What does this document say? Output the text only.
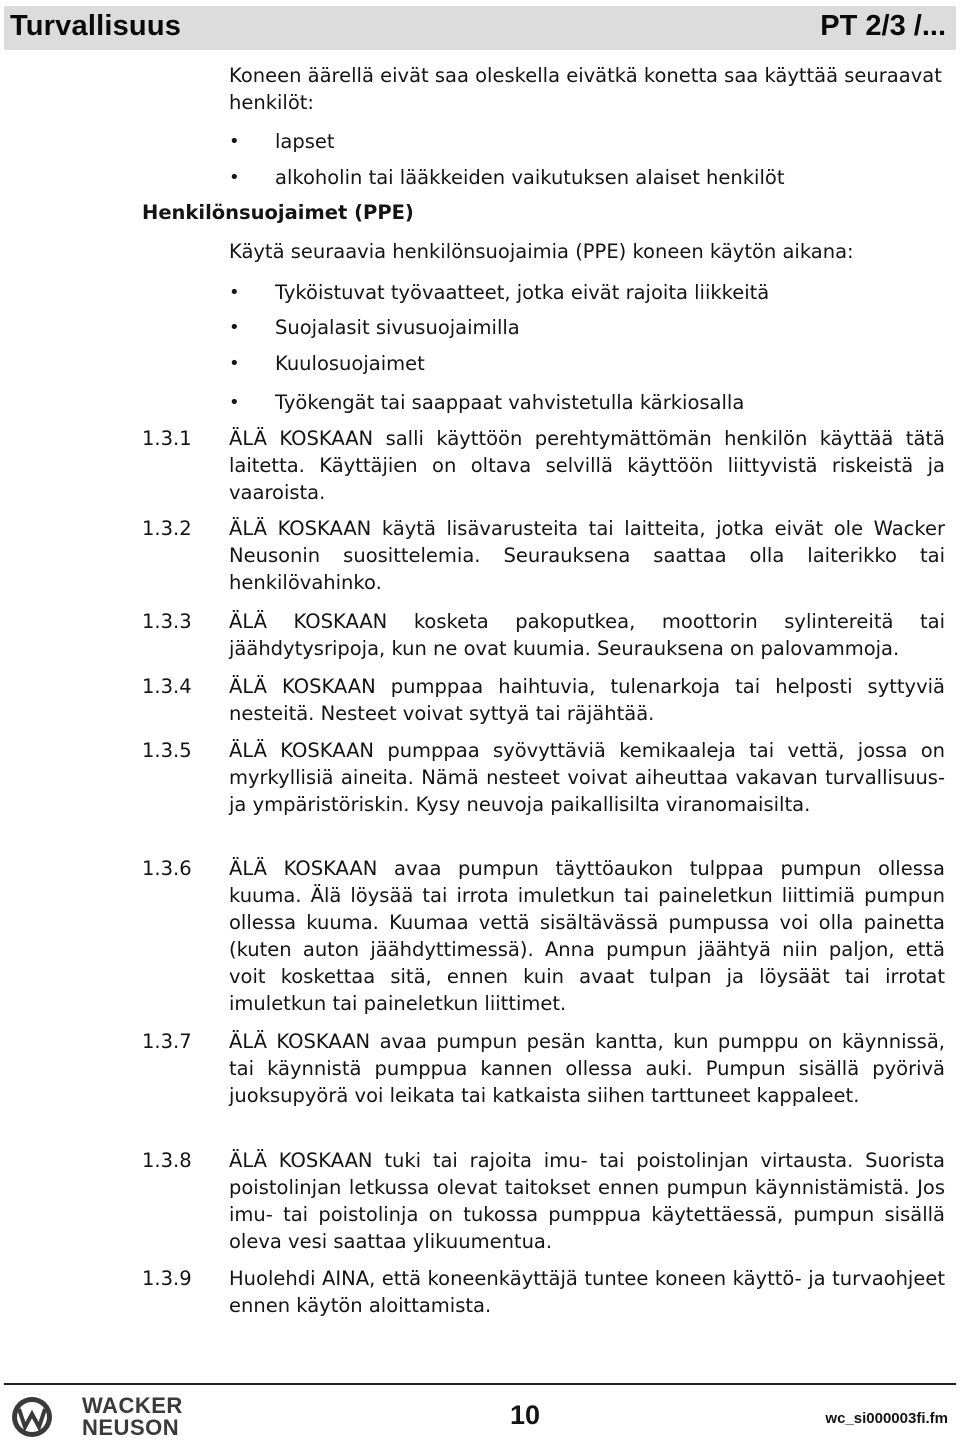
Turvallisuus	PT 2/3 /...

Koneen äärellä eivät saa oleskella eivätkä konetta saa käyttää seuraavat henkilöt:

• lapset
• alkoholin tai lääkkeiden vaikutuksen alaiset henkilöt
Henkilönsuojaimet (PPE)

Käytä seuraavia henkilönsuojaimia (PPE) koneen käytön aikana:

• Tyköistuvat työvaatteet, jotka eivät rajoita liikkeitä
• Suojalasit sivusuojaimilla
• Kuulosuojaimet
• Työkengät tai saappaat vahvistetulla kärkiosalla
1.3.1 ÄLÄ KOSKAAN salli käyttöön perehtymättömän henkilön käyttää tätä laitetta. Käyttäjien on oltava selvillä käyttöön liittyvistä riskeistä ja vaaroista.
1.3.2 ÄLÄ KOSKAAN käytä lisävarusteita tai laitteita, jotka eivät ole Wacker Neusonin suosittelemia. Seurauksena saattaa olla laiterikko tai henkilövahinko.
1.3.3 ÄLÄ KOSKAAN kosketa pakoputkea, moottorin sylintereitä tai jäähdytysripoja, kun ne ovat kuumia. Seurauksena on palovammoja.
1.3.4 ÄLÄ KOSKAAN pumppaa haihtuvia, tulenarkoja tai helposti syttyviä nesteitä. Nesteet voivat syttyä tai räjähtää.
1.3.5 ÄLÄ KOSKAAN pumppaa syövyttäviä kemikaaleja tai vettä, jossa on myrkyllisiä aineita. Nämä nesteet voivat aiheuttaa vakavan turvallisuus- ja ympäristöriskin. Kysy neuvoja paikallisilta viranomaisilta.
1.3.6 ÄLÄ KOSKAAN avaa pumpun täyttöaukon tulppaa pumpun ollessa kuuma. Älä löysää tai irrota imuletkun tai paineletkun liittimiä pumpun ollessa kuuma. Kuumaa vettä sisältävässä pumpussa voi olla painetta (kuten auton jäähdyttimessä). Anna pumpun jäähtyä niin paljon, että voit koskettaa sitä, ennen kuin avaat tulpan ja löysäät tai irrotat imuletkun tai paineletkun liittimet.
1.3.7 ÄLÄ KOSKAAN avaa pumpun pesän kantta, kun pumppu on käynnissä, tai käynnistä pumppua kannen ollessa auki. Pumpun sisällä pyörivä juoksupyörä voi leikata tai katkaista siihen tarttuneet kappaleet.
1.3.8 ÄLÄ KOSKAAN tuki tai rajoita imu- tai poistolinjan virtausta. Suorista poistolinjan letkussa olevat taitokset ennen pumpun käynnistämistä. Jos imu- tai poistolinja on tukossa pumppua käytettäessä, pumpun sisällä oleva vesi saattaa ylikuumentua.
1.3.9 Huolehdi AINA, että koneenkäyttäjä tuntee koneen käyttö- ja turvaohjeet ennen käytön aloittamista.
WACKER
NEUSON	10	wc_si000003fi.fm
